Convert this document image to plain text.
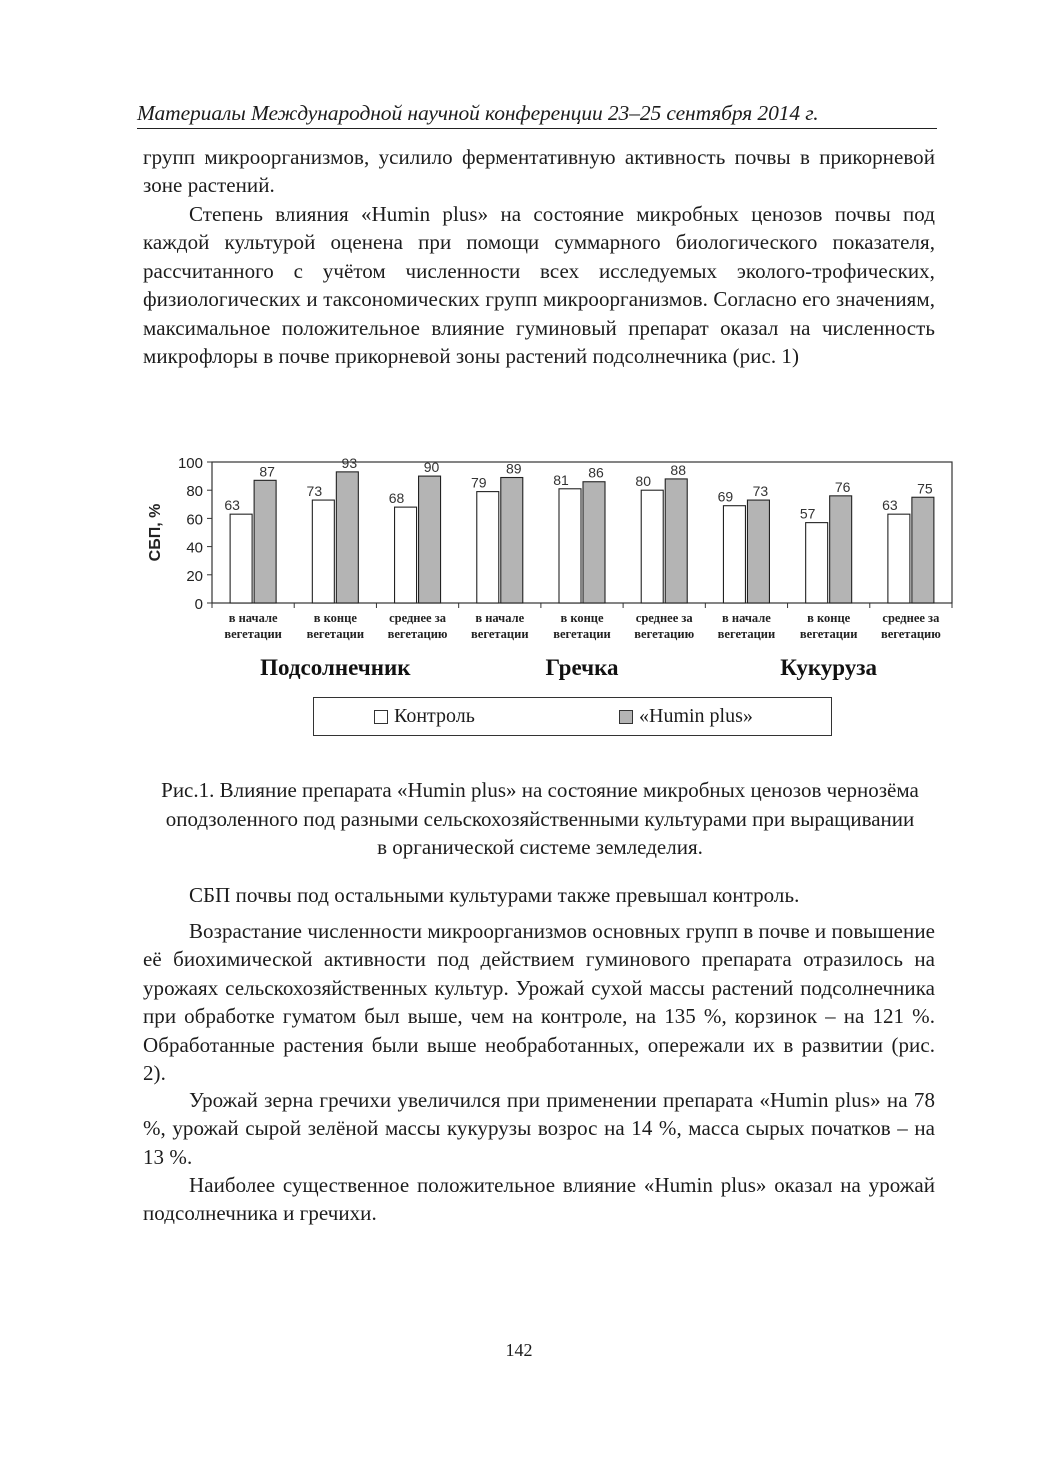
Материалы Международной научной конференции 23–25 сентября 2014 г.

групп микроорганизмов, усилило ферментативную активность почвы в прикорневой зоне растений.

Степень влияния «Humin plus» на состояние микробных ценозов почвы под каждой культурой оценена при помощи суммарного биологического показателя, рассчитанного с учётом численности всех исследуемых эколого-трофических, физиологических и таксономических групп микроорганизмов. Согласно его значениям, максимальное положительное влияние гуминовый препарат оказал на численность микрофлоры в почве прикорневой зоны растений подсолнечника (рис. 1)

0
20
40
60
80
100
СБП, %	63
87
в начале
вегетации
73
93
в конце
вегетации
68
90
среднее за
вегетацию
79
89
в начале
вегетации
81 86
в конце
вегетации
80
88
среднее за
вегетацию
69 73
в начале
вегетации
57
76
в конце
вегетации
63
75
среднее за
вегетацию
Подсолнечник	Гречка	Кукуруза
Контроль	«Humin plus»

Рис.1. Влияние препарата «Humin plus» на состояние микробных ценозов чернозёма оподзоленного под разными сельскохозяйственными культурами при выращивании в органической системе земледелия.

СБП почвы под остальными культурами также превышал контроль.

Возрастание численности микроорганизмов основных групп в почве и повышение её биохимической активности под действием гуминового препарата отразилось на урожаях сельскохозяйственных культур. Урожай сухой массы растений подсолнечника при обработке гуматом был выше, чем на контроле, на 135 %, корзинок – на 121 %. Обработанные растения были выше необработанных, опережали их в развитии (рис. 2).

Урожай зерна гречихи увеличился при применении препарата «Humin plus» на 78 %, урожай сырой зелёной массы кукурузы возрос на 14 %, масса сырых початков – на 13 %.

Наиболее существенное положительное влияние «Humin plus» оказал на урожай подсолнечника и гречихи.

142
